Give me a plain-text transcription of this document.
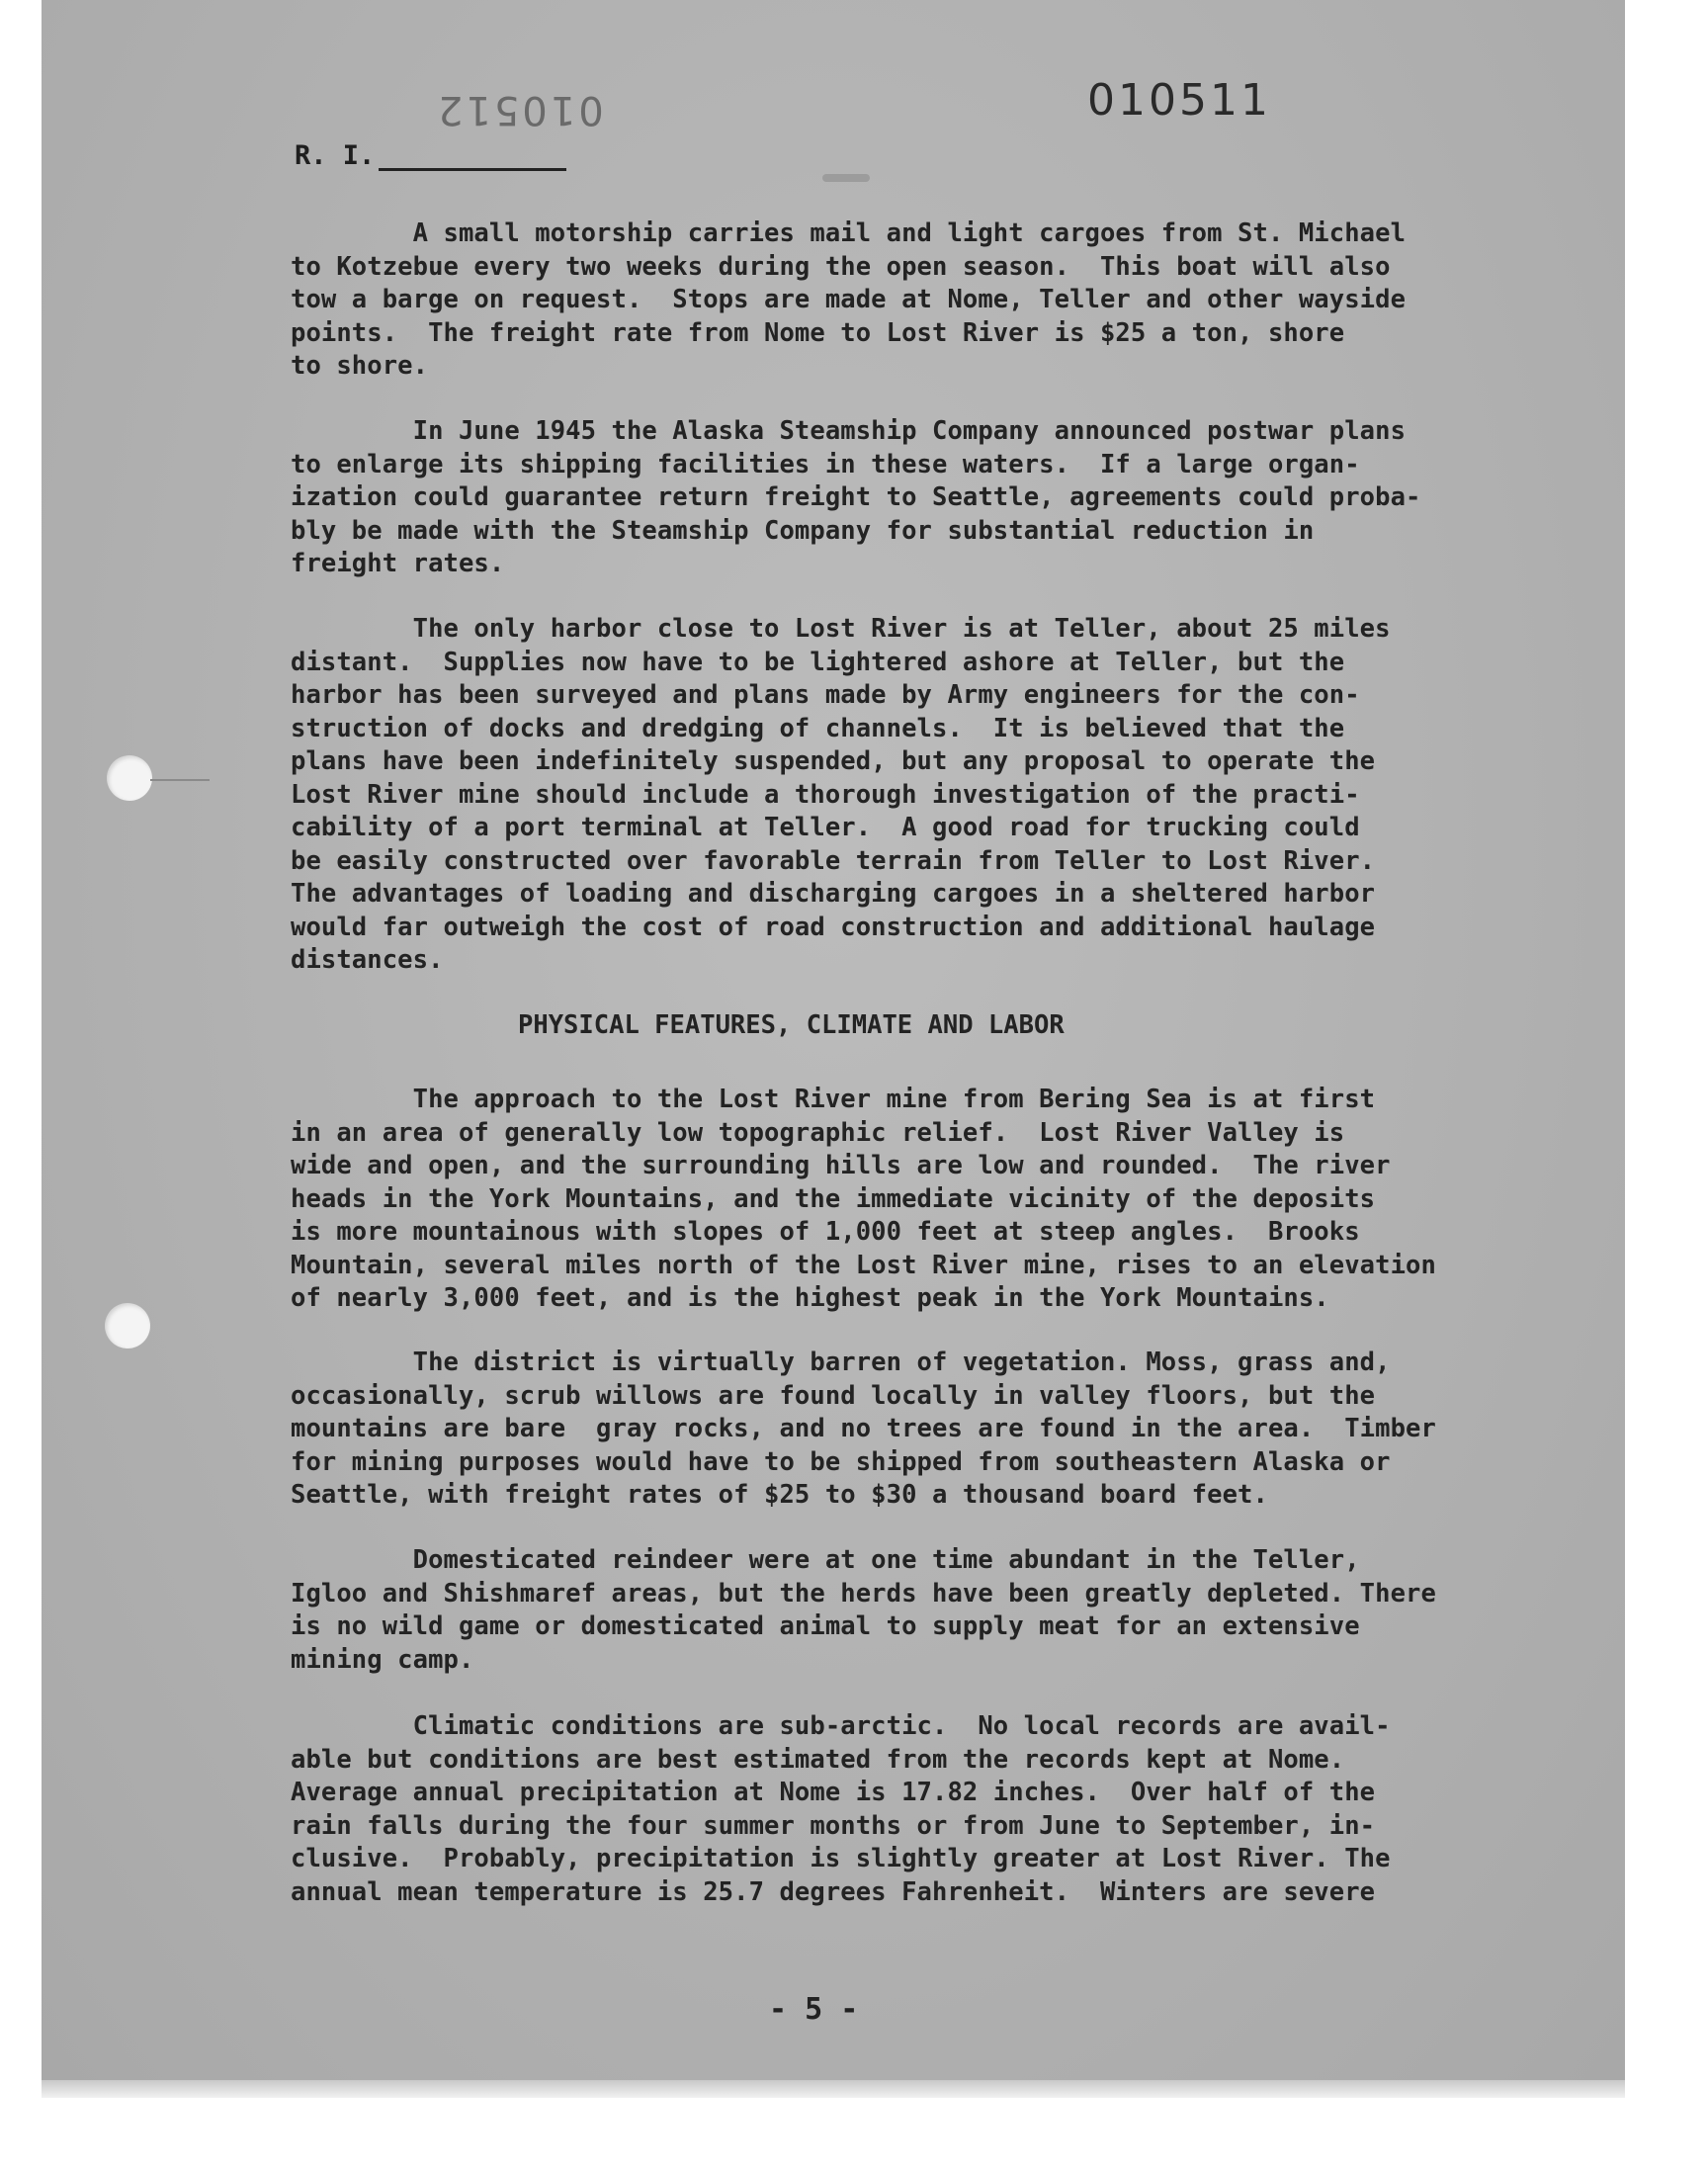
010512	010511
R. I.
A small motorship carries mail and light cargoes from St. Michael
to Kotzebue every two weeks during the open season.  This boat will also
tow a barge on request.  Stops are made at Nome, Teller and other wayside
points.  The freight rate from Nome to Lost River is $25 a ton, shore
to shore.
In June 1945 the Alaska Steamship Company announced postwar plans
to enlarge its shipping facilities in these waters.  If a large organ-
ization could guarantee return freight to Seattle, agreements could proba-
bly be made with the Steamship Company for substantial reduction in
freight rates.
The only harbor close to Lost River is at Teller, about 25 miles
distant.  Supplies now have to be lightered ashore at Teller, but the
harbor has been surveyed and plans made by Army engineers for the con-
struction of docks and dredging of channels.  It is believed that the
plans have been indefinitely suspended, but any proposal to operate the
Lost River mine should include a thorough investigation of the practi-
cability of a port terminal at Teller.  A good road for trucking could
be easily constructed over favorable terrain from Teller to Lost River.
The advantages of loading and discharging cargoes in a sheltered harbor
would far outweigh the cost of road construction and additional haulage
distances.
PHYSICAL FEATURES, CLIMATE AND LABOR
The approach to the Lost River mine from Bering Sea is at first
in an area of generally low topographic relief.  Lost River Valley is
wide and open, and the surrounding hills are low and rounded.  The river
heads in the York Mountains, and the immediate vicinity of the deposits
is more mountainous with slopes of 1,000 feet at steep angles.  Brooks
Mountain, several miles north of the Lost River mine, rises to an elevation
of nearly 3,000 feet, and is the highest peak in the York Mountains.
The district is virtually barren of vegetation. Moss, grass and,
occasionally, scrub willows are found locally in valley floors, but the
mountains are bare  gray rocks, and no trees are found in the area.  Timber
for mining purposes would have to be shipped from southeastern Alaska or
Seattle, with freight rates of $25 to $30 a thousand board feet.
Domesticated reindeer were at one time abundant in the Teller,
Igloo and Shishmaref areas, but the herds have been greatly depleted. There
is no wild game or domesticated animal to supply meat for an extensive
mining camp.
Climatic conditions are sub-arctic.  No local records are avail-
able but conditions are best estimated from the records kept at Nome.
Average annual precipitation at Nome is 17.82 inches.  Over half of the
rain falls during the four summer months or from June to September, in-
clusive.  Probably, precipitation is slightly greater at Lost River. The
annual mean temperature is 25.7 degrees Fahrenheit.  Winters are severe
- 5 -
